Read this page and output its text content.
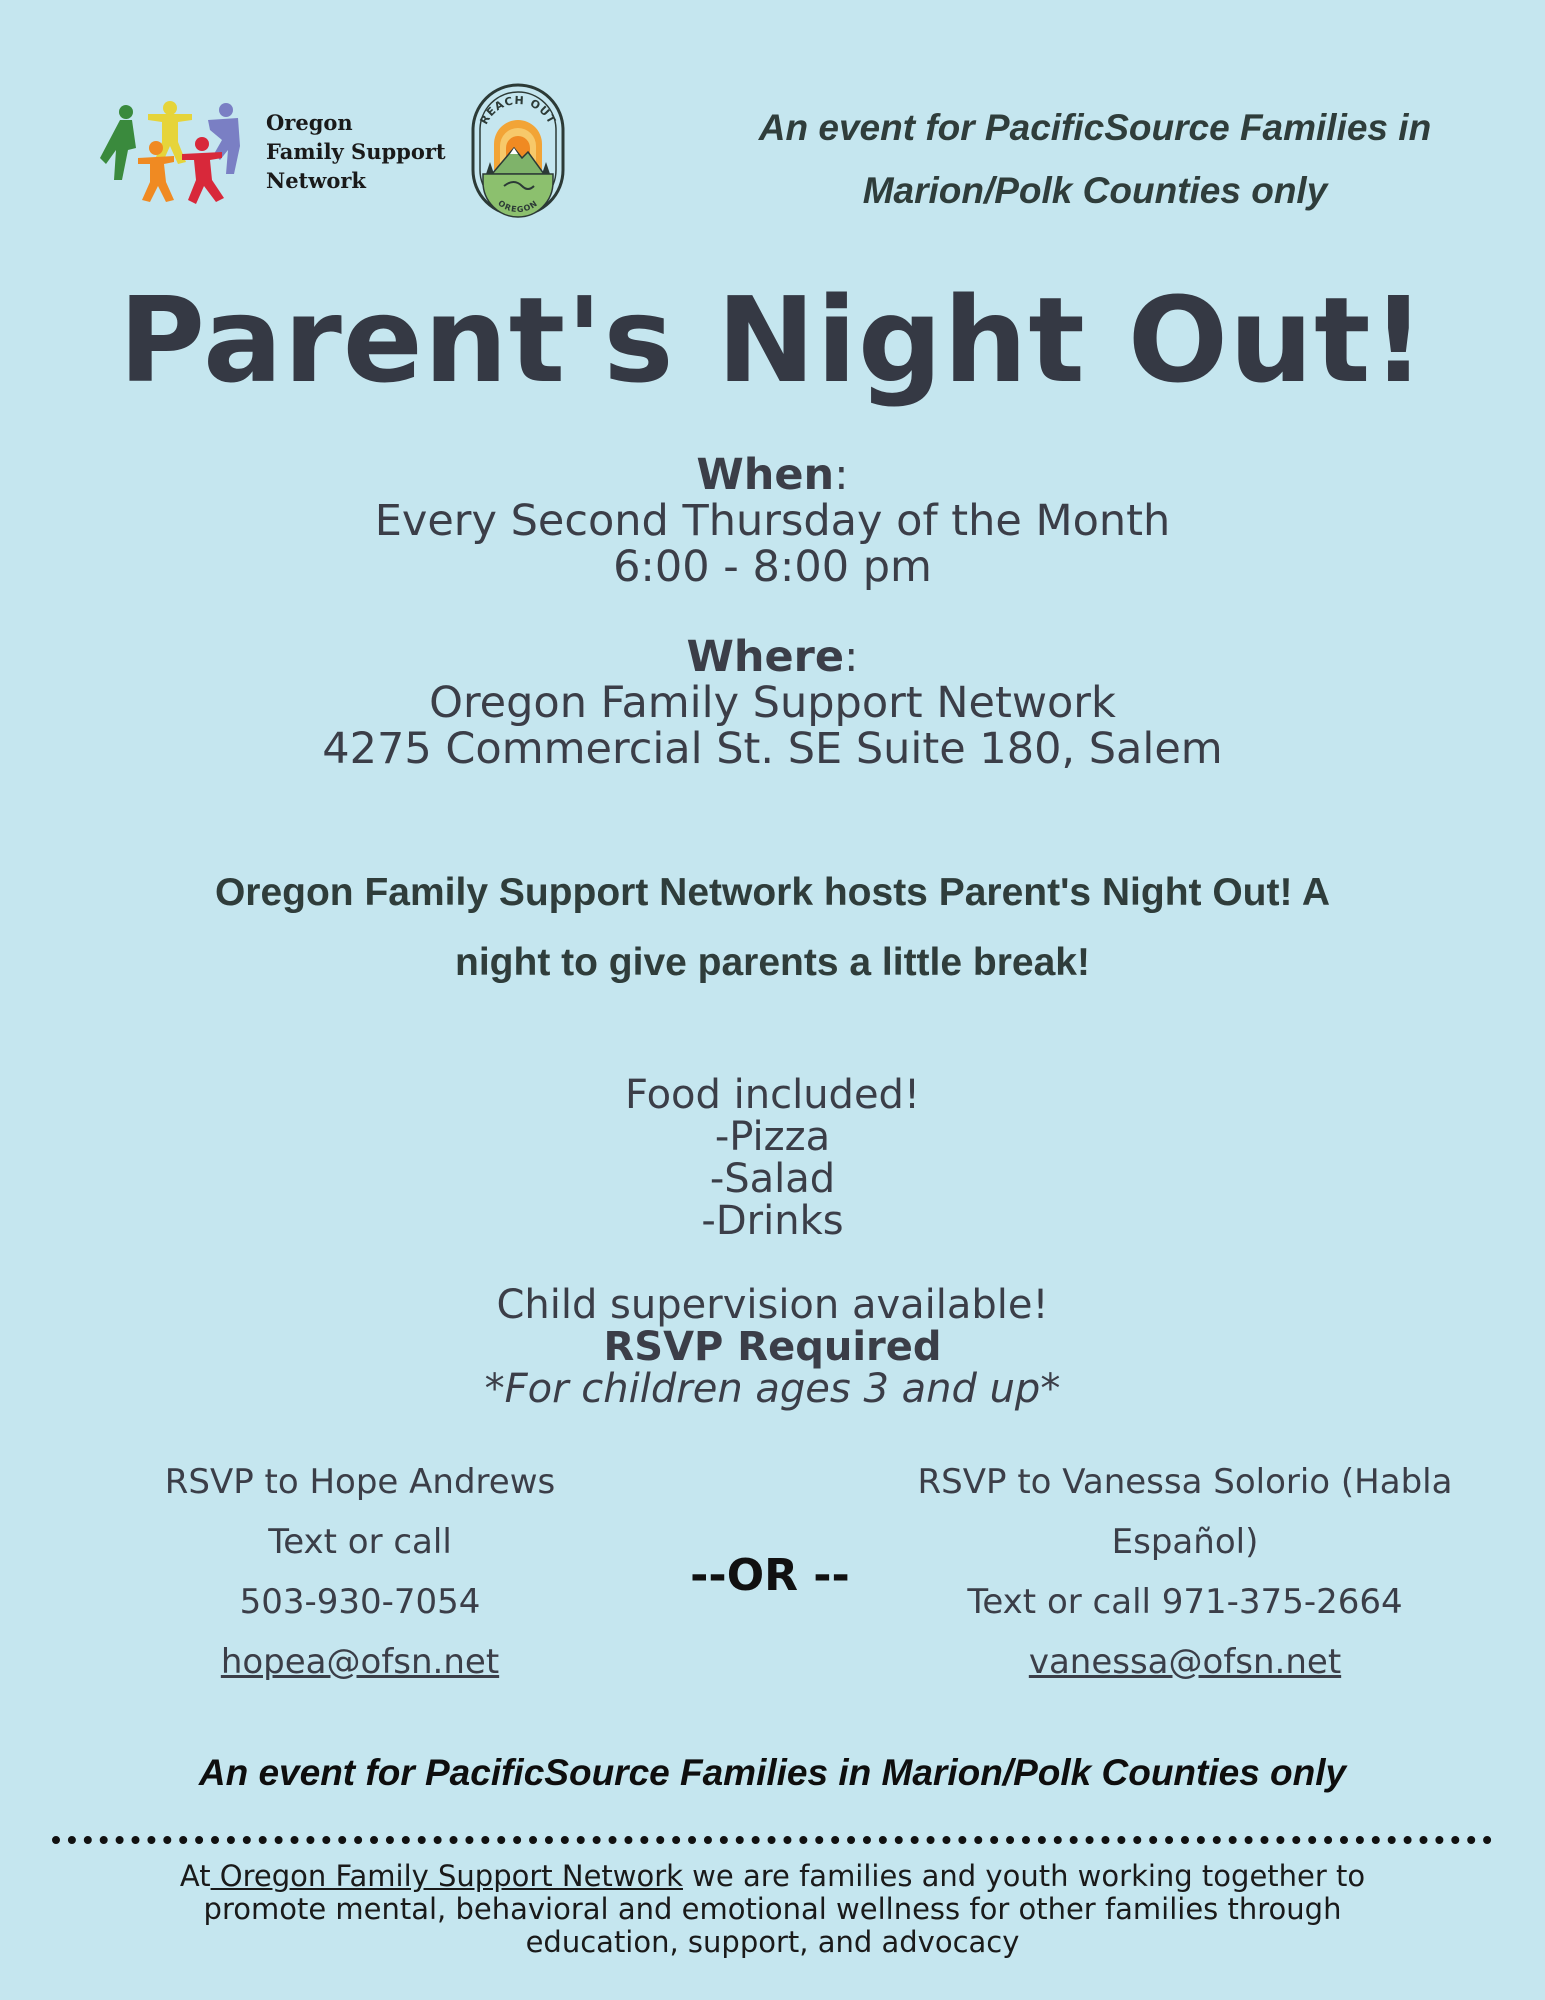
Oregon
Family Support
Network
REACH OUT
OREGON
An event for PacificSource Families in
Marion/Polk Counties only
Parent's Night Out!
When:
Every Second Thursday of the Month
6:00 - 8:00 pm
Where:
Oregon Family Support Network
4275 Commercial St. SE Suite 180, Salem
Oregon Family Support Network hosts Parent's Night Out! A
night to give parents a little break!
Food included!
-Pizza
-Salad
-Drinks
Child supervision available!
RSVP Required
*For children ages 3 and up*
RSVP to Hope Andrews
Text or call
503-930-7054
hopea@ofsn.net
--OR --
RSVP to Vanessa Solorio (Habla
Español)
Text or call 971-375-2664
vanessa@ofsn.net
An event for PacificSource Families in Marion/Polk Counties only
At Oregon Family Support Network we are families and youth working together to
promote mental, behavioral and emotional wellness for other families through
education, support, and advocacy
